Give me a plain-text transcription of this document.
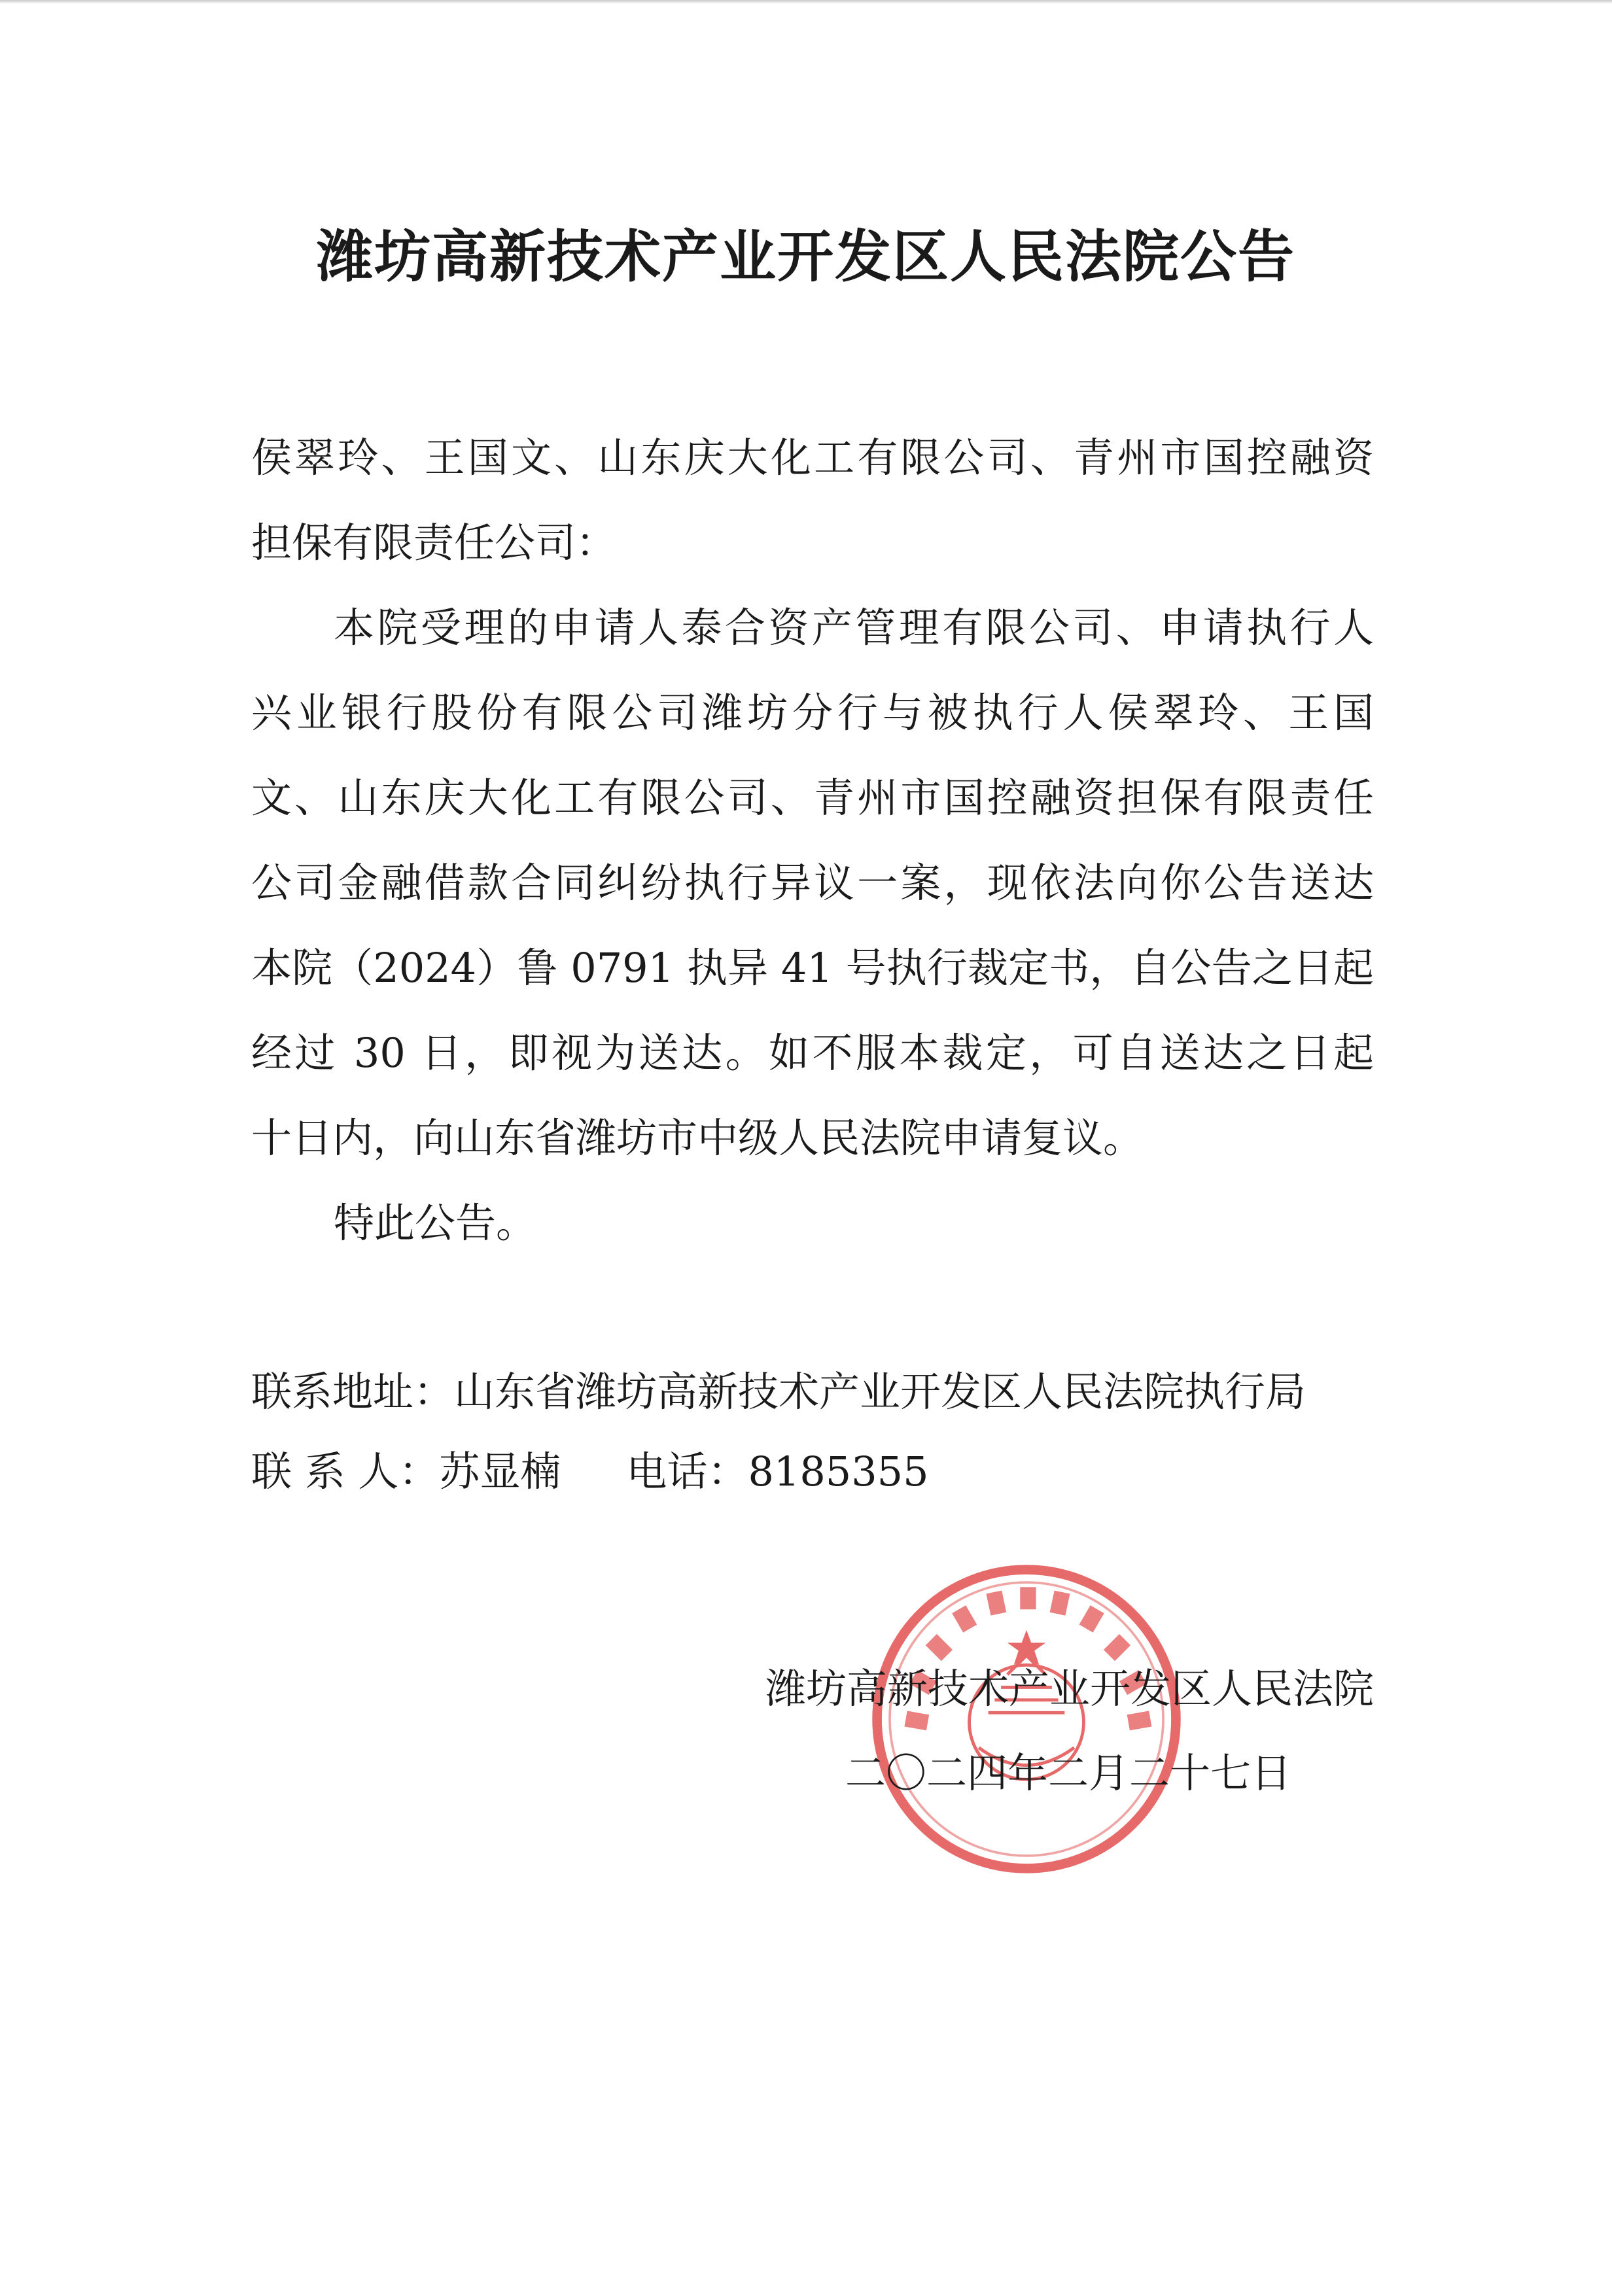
潍坊高新技术产业开发区人民法院公告
侯翠玲、王国文、山东庆大化工有限公司、青州市国控融资
担保有限责任公司：
本院受理的申请人泰合资产管理有限公司、申请执行人
兴业银行股份有限公司潍坊分行与被执行人侯翠玲、王国
文、山东庆大化工有限公司、青州市国控融资担保有限责任
公司金融借款合同纠纷执行异议一案，现依法向你公告送达
本院（2024）鲁 0791 执异 41 号执行裁定书，自公告之日起
经过 30 日，即视为送达。如不服本裁定，可自送达之日起
十日内，向山东省潍坊市中级人民法院申请复议。
特此公告。
联系地址：山东省潍坊高新技术产业开发区人民法院执行局
联 系 人：苏显楠 电话：8185355
潍坊高新技术产业开发区人民法院
二〇二四年二月二十七日
